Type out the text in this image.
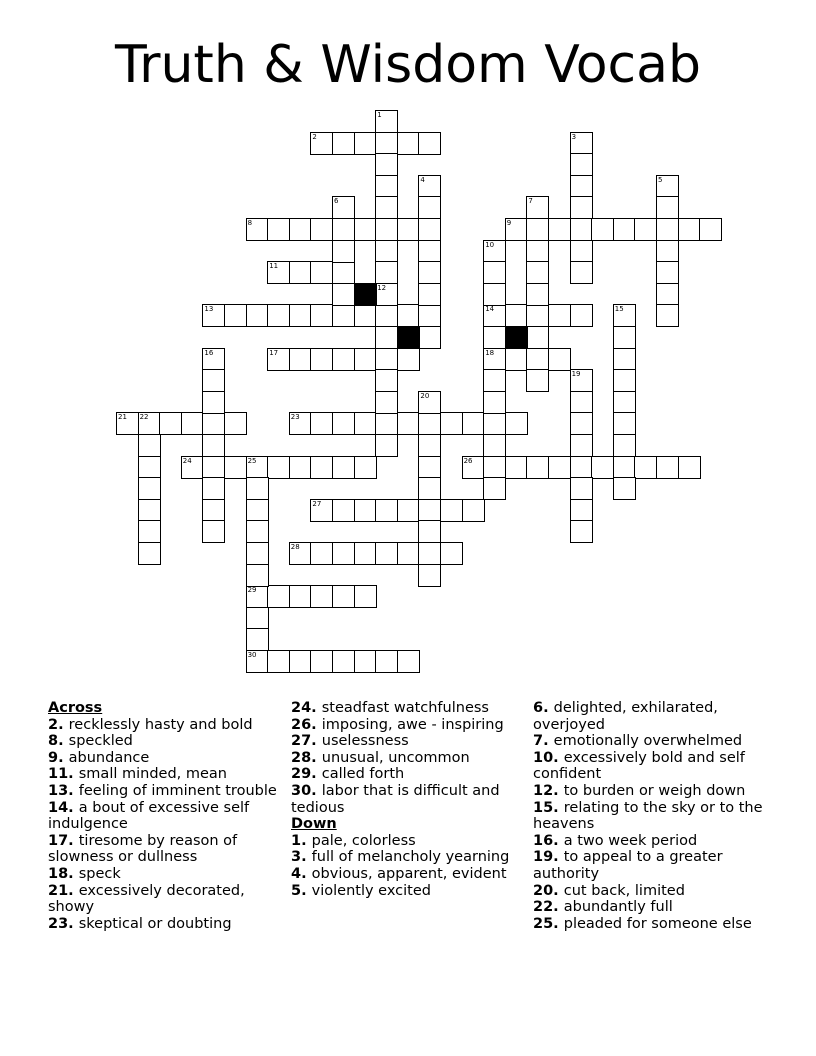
Truth & Wisdom Vocab
2
8	9
11
13	14
17	18
21 22	23
24	25	26
27
28
29
30
1
12
3
4	5
6	7
10
15
16
19
20
Across
2. recklessly hasty and bold
8. speckled
9. abundance
11. small minded, mean
13. feeling of imminent trouble
14. a bout of excessive self indulgence
17. tiresome by reason of slowness or dullness
18. speck
21. excessively decorated, showy
23. skeptical or doubting
24. steadfast watchfulness
26. imposing, awe - inspiring
27. uselessness
28. unusual, uncommon
29. called forth
30. labor that is difficult and tedious
Down
1. pale, colorless
3. full of melancholy yearning
4. obvious, apparent, evident
5. violently excited
6. delighted, exhilarated, overjoyed
7. emotionally overwhelmed
10. excessively bold and self confident
12. to burden or weigh down
15. relating to the sky or to the heavens
16. a two week period
19. to appeal to a greater authority
20. cut back, limited
22. abundantly full
25. pleaded for someone else
